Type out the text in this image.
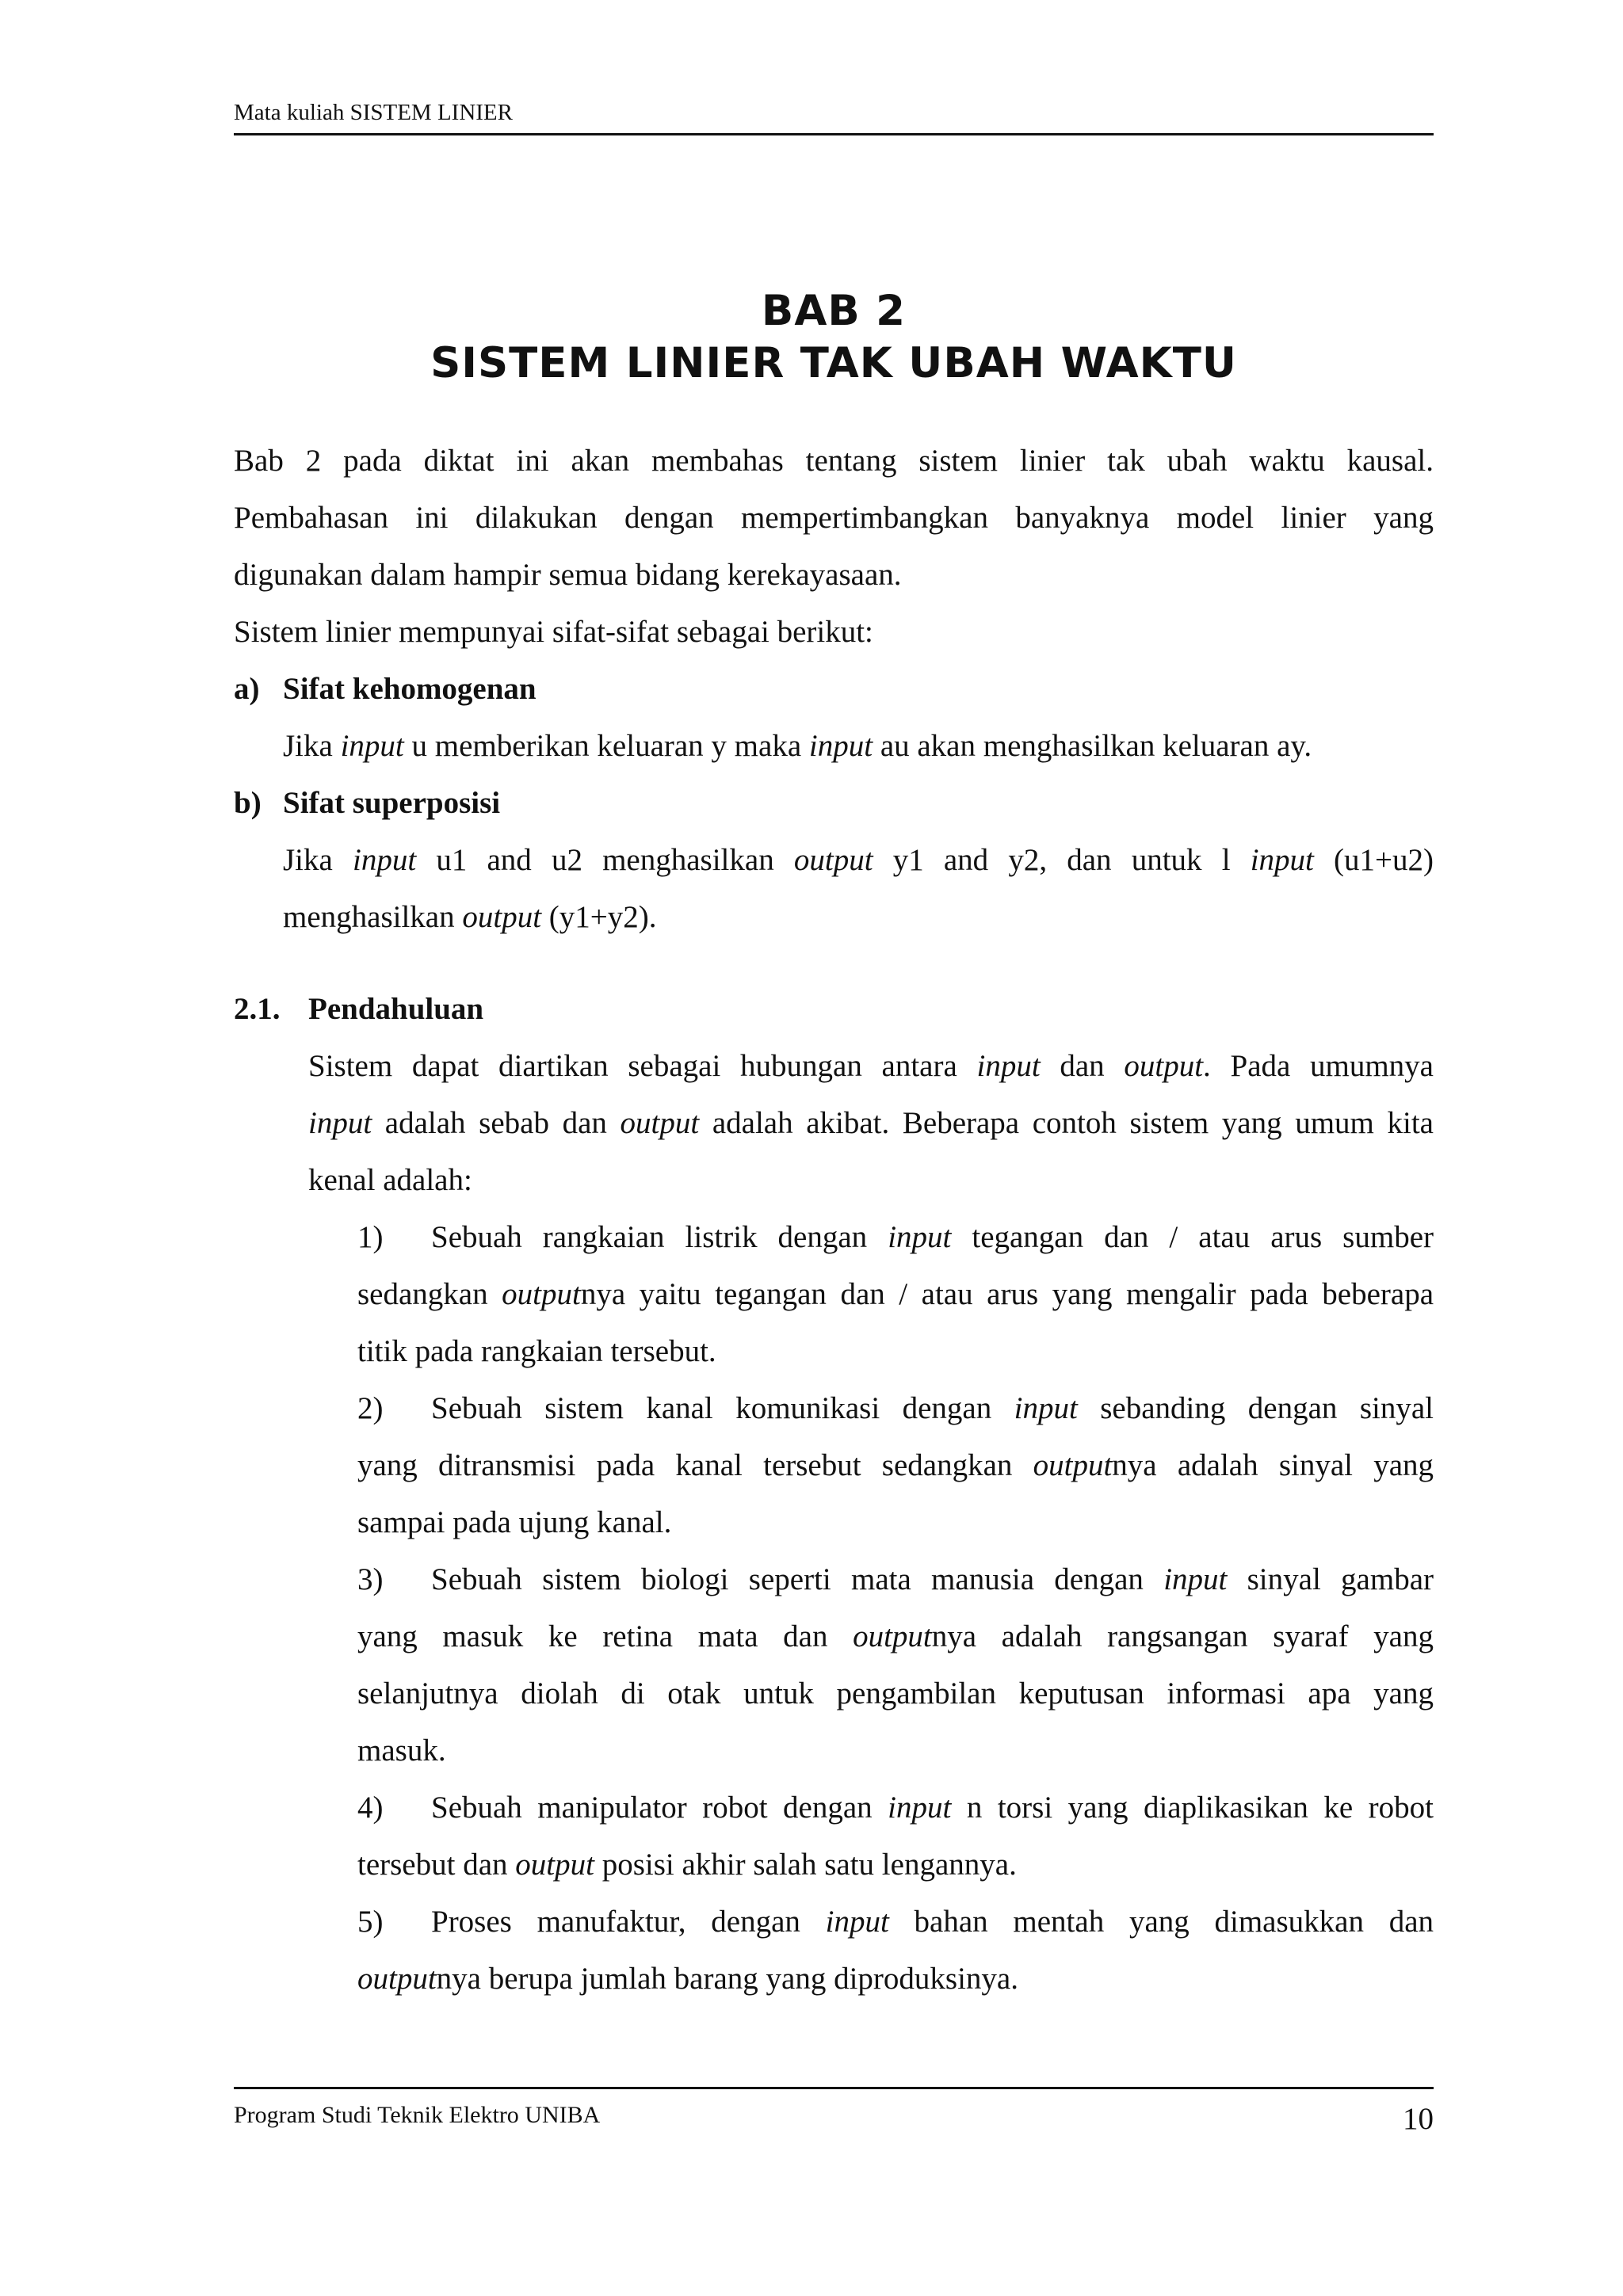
Mata kuliah SISTEM LINIER
BAB 2
SISTEM LINIER TAK UBAH WAKTU
Bab 2 pada diktat ini akan membahas tentang sistem linier tak ubah waktu kausal.
Pembahasan ini dilakukan dengan mempertimbangkan banyaknya model linier yang
digunakan dalam hampir semua bidang kerekayasaan.
Sistem linier mempunyai sifat-sifat sebagai berikut:
a) Sifat kehomogenan
Jika input u memberikan keluaran y maka input au akan menghasilkan keluaran ay.
b) Sifat superposisi
Jika input u1 and u2 menghasilkan output y1 and y2, dan untuk l input (u1+u2)
menghasilkan output (y1+y2).
2.1. Pendahuluan
Sistem dapat diartikan sebagai hubungan antara input dan output. Pada umumnya
input adalah sebab dan output adalah akibat. Beberapa contoh sistem yang umum kita
kenal adalah:
1) Sebuah rangkaian listrik dengan input tegangan dan / atau arus sumber
sedangkan outputnya yaitu tegangan dan / atau arus yang mengalir pada beberapa
titik pada rangkaian tersebut.
2) Sebuah sistem kanal komunikasi dengan input sebanding dengan sinyal
yang ditransmisi pada kanal tersebut sedangkan outputnya adalah sinyal yang
sampai pada ujung kanal.
3) Sebuah sistem biologi seperti mata manusia dengan input sinyal gambar
yang masuk ke retina mata dan outputnya adalah rangsangan syaraf yang
selanjutnya diolah di otak untuk pengambilan keputusan informasi apa yang
masuk.
4) Sebuah manipulator robot dengan input n torsi yang diaplikasikan ke robot
tersebut dan output posisi akhir salah satu lengannya.
5) Proses manufaktur, dengan input bahan mentah yang dimasukkan dan
outputnya berupa jumlah barang yang diproduksinya.
Program Studi Teknik Elektro UNIBA	10
